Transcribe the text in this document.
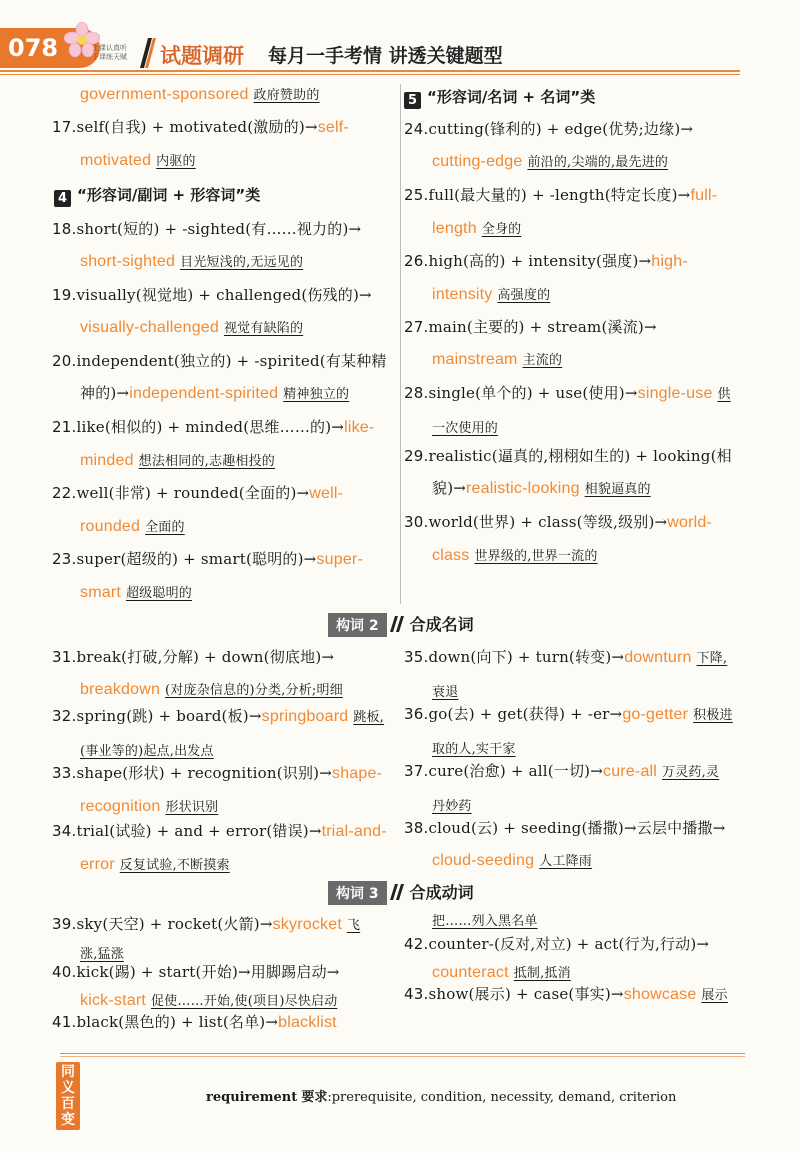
078	上课认真听
下课练天赋 试题调研 每月一手考情 讲透关键题型
government-sponsored 政府赞助的
17.self(自我) + motivated(激励的)→self-
motivated 内驱的
4 “形容词/副词 + 形容词”类
18.short(短的) + -sighted(有……视力的)→
short-sighted 目光短浅的,无远见的
19.visually(视觉地) + challenged(伤残的)→
visually-challenged 视觉有缺陷的
20.independent(独立的) + -spirited(有某种精
神的)→independent-spirited 精神独立的
21.like(相似的) + minded(思维……的)→like-
minded 想法相同的,志趣相投的
22.well(非常) + rounded(全面的)→well-
rounded 全面的
23.super(超级的) + smart(聪明的)→super-
smart 超级聪明的
5 “形容词/名词 + 名词”类
24.cutting(锋利的) + edge(优势;边缘)→
cutting-edge 前沿的,尖端的,最先进的
25.full(最大量的) + -length(特定长度)→full-
length 全身的
26.high(高的) + intensity(强度)→high-
intensity 高强度的
27.main(主要的) + stream(溪流)→
mainstream 主流的
28.single(单个的) + use(使用)→single-use 供
一次使用的
29.realistic(逼真的,栩栩如生的) + looking(相
貌)→realistic-looking 相貌逼真的
30.world(世界) + class(等级,级别)→world-
class 世界级的,世界一流的
构词 2 合成名词
31.break(打破,分解) + down(彻底地)→
breakdown (对庞杂信息的)分类,分析;明细
32.spring(跳) + board(板)→springboard 跳板,
(事业等的)起点,出发点
33.shape(形状) + recognition(识别)→shape-
recognition 形状识别
34.trial(试验) + and + error(错误)→trial-and-
error 反复试验,不断摸索
35.down(向下) + turn(转变)→downturn 下降,
衰退
36.go(去) + get(获得) + -er→go-getter 积极进
取的人,实干家
37.cure(治愈) + all(一切)→cure-all 万灵药,灵
丹妙药
38.cloud(云) + seeding(播撒)→云层中播撒→
cloud-seeding 人工降雨
构词 3 合成动词
39.sky(天空) + rocket(火箭)→skyrocket 飞
涨,猛涨
40.kick(踢) + start(开始)→用脚踢启动→
kick-start 促使……开始,使(项目)尽快启动
41.black(黑色的) + list(名单)→blacklist
把……列入黑名单
42.counter-(反对,对立) + act(行为,行动)→
counteract 抵制,抵消
43.show(展示) + case(事实)→showcase 展示
同义百变
requirement 要求:prerequisite, condition, necessity, demand, criterion
